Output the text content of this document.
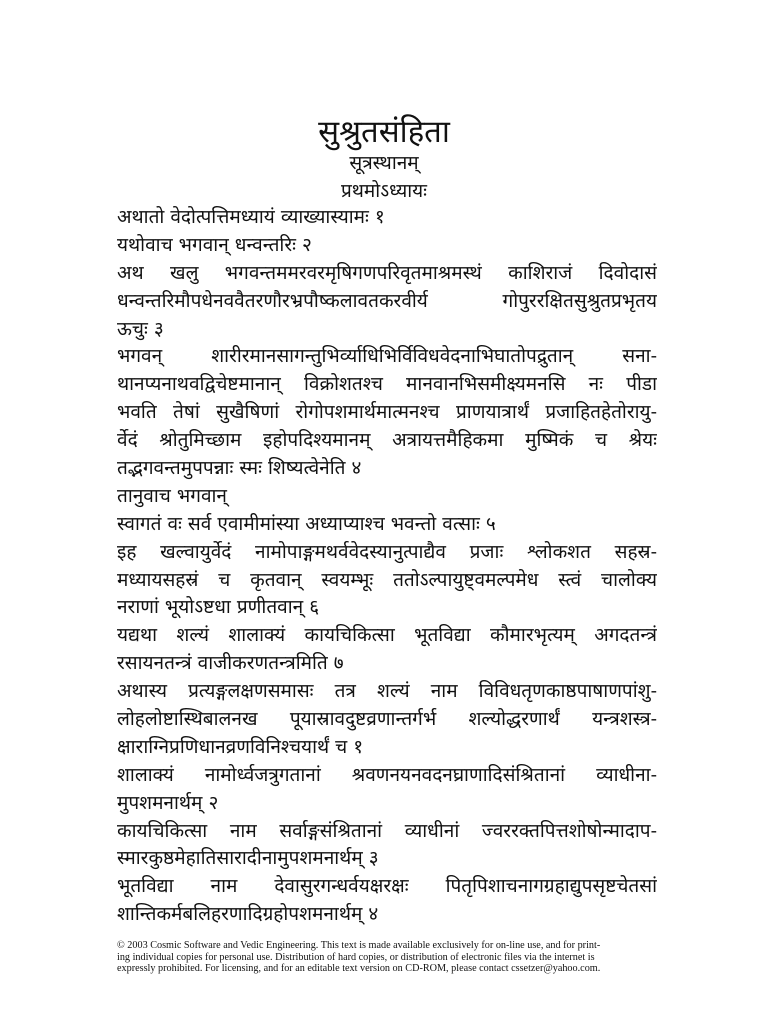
सुश्रुतसंहिता
सूत्रस्थानम्
प्रथमोऽध्यायः
अथातो वेदोत्पत्तिमध्यायं व्याख्यास्यामः १
यथोवाच भगवान् धन्वन्तरिः २
अथ खलु भगवन्तममरवरमृषिगणपरिवृतमाश्रमस्थं काशिराजं दिवोदासं
धन्वन्तरिमौपधेनववैतरणौरभ्रपौष्कलावतकरवीर्य गोपुररक्षितसुश्रुतप्रभृतय
ऊचुः ३
भगवन् शारीरमानसागन्तुभिर्व्याधिभिर्विविधवेदनाभिघातोपद्रुतान् सना-
थानप्यनाथवद्विचेष्टमानान् विक्रोशतश्च मानवानभिसमीक्ष्यमनसि नः पीडा
भवति तेषां सुखैषिणां रोगोपशमार्थमात्मनश्च प्राणयात्रार्थं प्रजाहितहेतोरायु-
र्वेदं श्रोतुमिच्छाम इहोपदिश्यमानम् अत्रायत्तमैहिकमा मुष्मिकं च श्रेयः
तद्भगवन्तमुपपन्नाः स्मः शिष्यत्वेनेति ४
तानुवाच भगवान्
स्वागतं वः सर्व एवामीमांस्या अध्याप्याश्च भवन्तो वत्साः ५
इह खल्वायुर्वेदं नामोपाङ्गमथर्ववेदस्यानुत्पाद्यैव प्रजाः श्लोकशत सहस्र-
मध्यायसहस्रं च कृतवान् स्वयम्भूः ततोऽल्पायुष्ट्वमल्पमेध स्त्वं चालोक्य
नराणां भूयोऽष्टधा प्रणीतवान् ६
यद्यथा शल्यं शालाक्यं कायचिकित्सा भूतविद्या कौमारभृत्यम् अगदतन्त्रं
रसायनतन्त्रं वाजीकरणतन्त्रमिति ७
अथास्य प्रत्यङ्गलक्षणसमासः तत्र शल्यं नाम विविधतृणकाष्ठपाषाणपांशु-
लोहलोष्टास्थिबालनख पूयास्रावदुष्टव्रणान्तर्गर्भ शल्योद्धरणार्थं यन्त्रशस्त्र-
क्षाराग्निप्रणिधानव्रणविनिश्चयार्थं च १
शालाक्यं नामोर्ध्वजत्रुगतानां श्रवणनयनवदनघ्राणादिसंश्रितानां व्याधीना-
मुपशमनार्थम् २
कायचिकित्सा नाम सर्वाङ्गसंश्रितानां व्याधीनां ज्वररक्तपित्तशोषोन्मादाप-
स्मारकुष्ठमेहातिसारादीनामुपशमनार्थम् ३
भूतविद्या नाम देवासुरगन्धर्वयक्षरक्षः पितृपिशाचनागग्रहाद्युपसृष्टचेतसां
शान्तिकर्मबलिहरणादिग्रहोपशमनार्थम् ४
© 2003 Cosmic Software and Vedic Engineering. This text is made available exclusively for on-line use, and for print-
ing individual copies for personal use. Distribution of hard copies, or distribution of electronic files via the internet is
expressly prohibited. For licensing, and for an editable text version on CD-ROM, please contact cssetzer@yahoo.com.
